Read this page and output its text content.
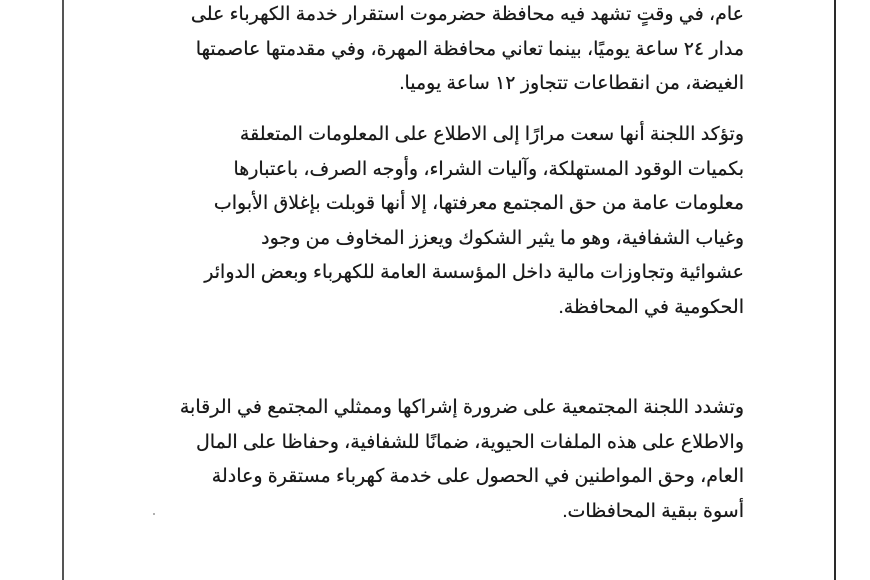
عام، في وقتٍ تشهد فيه محافظة حضرموت استقرار خدمة الكهرباء على
مدار ٢٤ ساعة يوميًا، بينما تعاني محافظة المهرة، وفي مقدمتها عاصمتها
الغيضة، من انقطاعات تتجاوز ١٢ ساعة يوميا.
وتؤكد اللجنة أنها سعت مرارًا إلى الاطلاع على المعلومات المتعلقة
بكميات الوقود المستهلكة، وآليات الشراء، وأوجه الصرف، باعتبارها
معلومات عامة من حق المجتمع معرفتها، إلا أنها قوبلت بإغلاق الأبواب
وغياب الشفافية، وهو ما يثير الشكوك ويعزز المخاوف من وجود
عشوائية وتجاوزات مالية داخل المؤسسة العامة للكهرباء وبعض الدوائر
الحكومية في المحافظة.
وتشدد اللجنة المجتمعية على ضرورة إشراكها وممثلي المجتمع في الرقابة
والاطلاع على هذه الملفات الحيوية، ضمانًا للشفافية، وحفاظا على المال
العام، وحق المواطنين في الحصول على خدمة كهرباء مستقرة وعادلة
أسوة ببقية المحافظات.
